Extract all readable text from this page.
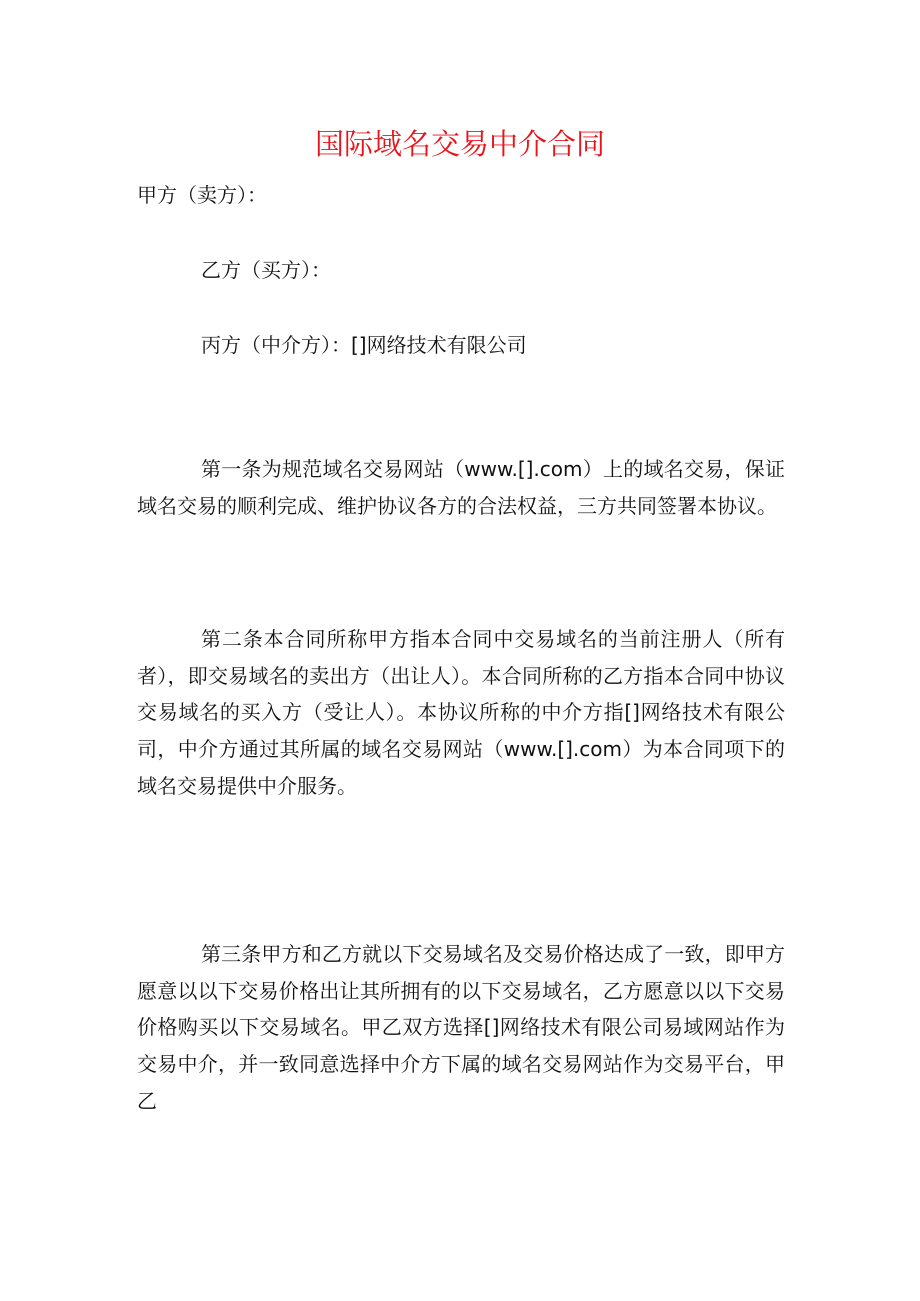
国际域名交易中介合同
甲方（卖方）：
乙方（买方）：
丙方（中介方）：[]网络技术有限公司

第一条为规范域名交易网站（www.[].com）上的域名交易，保证域名交易的顺利完成、维护协议各方的合法权益，三方共同签署本协议。

第二条本合同所称甲方指本合同中交易域名的当前注册人（所有者），即交易域名的卖出方（出让人）。本合同所称的乙方指本合同中协议交易域名的买入方（受让人）。本协议所称的中介方指[]网络技术有限公司，中介方通过其所属的域名交易网站（www.[].com）为本合同项下的域名交易提供中介服务。

第三条甲方和乙方就以下交易域名及交易价格达成了一致，即甲方愿意以以下交易价格出让其所拥有的以下交易域名，乙方愿意以以下交易价格购买以下交易域名。甲乙双方选择[]网络技术有限公司易域网站作为交易中介，并一致同意选择中介方下属的域名交易网站作为交易平台，甲乙
